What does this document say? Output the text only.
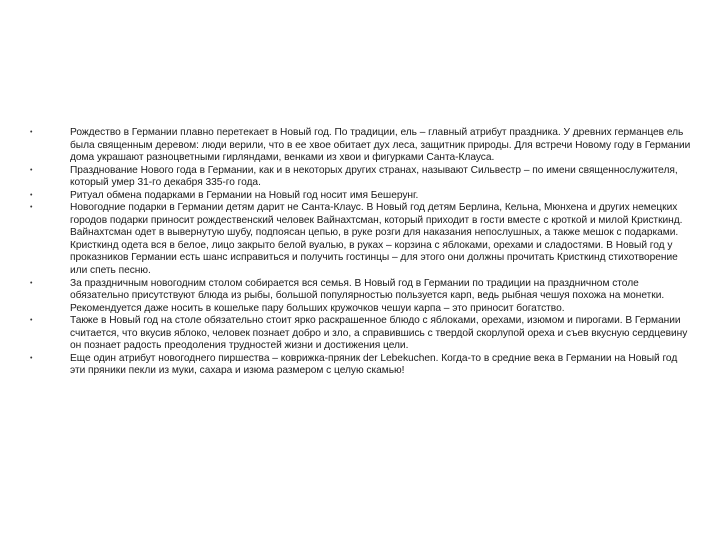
•	Рождество в Германии плавно перетекает в Новый год. По традиции, ель – главный атрибут праздника. У древних германцев ель была священным деревом: люди верили, что в ее хвое обитает дух леса, защитник природы. Для встречи Новому году в Германии дома украшают разноцветными гирляндами, венками из хвои и фигурками Санта-Клауса.
•	Празднование Нового года в Германии, как и в некоторых других странах, называют Сильвестр – по имени священнослужителя, который умер 31-го декабря 335-го года.
•	Ритуал обмена подарками в Германии на Новый год носит имя Бешерунг.
•	Новогодние подарки в Германии детям дарит не Санта-Клаус. В Новый год детям Берлина, Кельна, Мюнхена и других немецких городов подарки приносит рождественский человек Вайнахтсман, который приходит в гости вместе с кроткой и милой Кристкинд. Вайнахтсман одет в вывернутую шубу, подпоясан цепью, в руке розги для наказания непослушных, а также мешок с подарками. Кристкинд одета вся в белое, лицо закрыто белой вуалью, в руках – корзина с яблоками, орехами и сладостями. В Новый год у проказников Германии есть шанс исправиться и получить гостинцы – для этого они должны прочитать Кристкинд стихотворение или спеть песню.
•	За праздничным новогодним столом собирается вся семья. В Новый год в Германии по традиции на праздничном столе обязательно присутствуют блюда из рыбы, большой популярностью пользуется карп, ведь рыбная чешуя похожа на монетки. Рекомендуется даже носить в кошельке пару больших кружочков чешуи карпа – это приносит богатство.
•	Также в Новый год на столе обязательно стоит ярко раскрашенное блюдо с яблоками, орехами, изюмом и пирогами. В Германии считается, что вкусив яблоко, человек познает добро и зло, а справившись с твердой скорлупой ореха и съев вкусную сердцевину он познает радость преодоления трудностей жизни и достижения цели.
•	Еще один атрибут новогоднего пиршества – коврижка-пряник der Lebekuchen. Когда-то в средние века в Германии на Новый год эти пряники пекли из муки, сахара и изюма размером с целую скамью!
